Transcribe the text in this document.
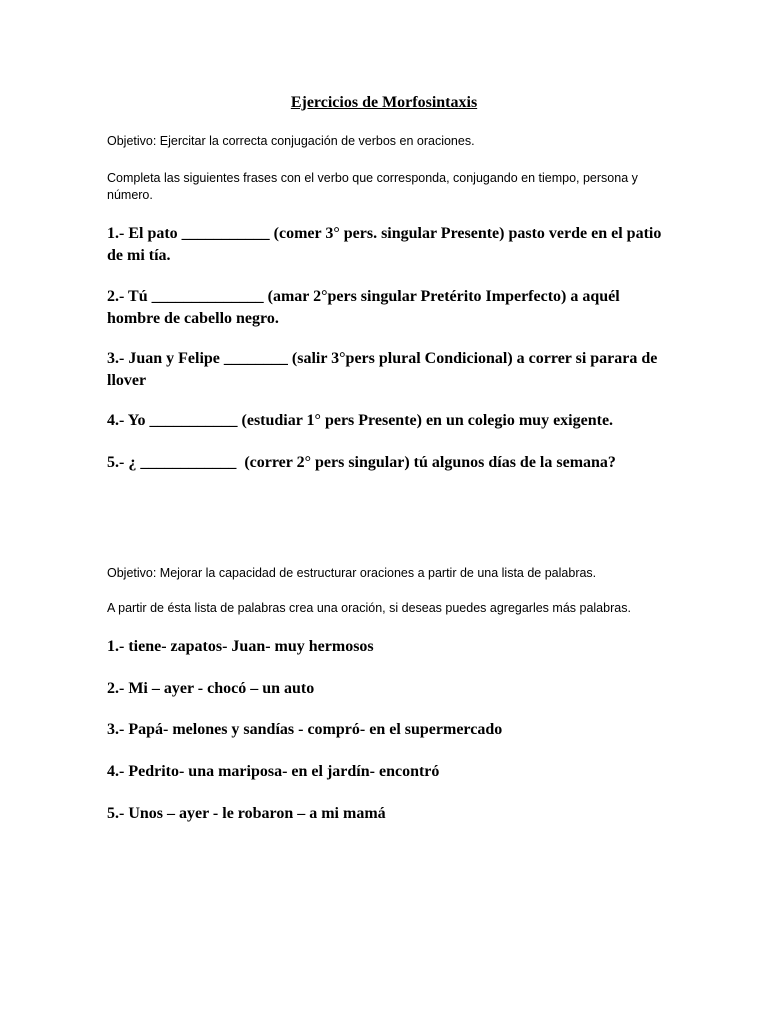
Ejercicios de Morfosintaxis
Objetivo: Ejercitar la correcta conjugación de verbos en oraciones.
Completa las siguientes frases con el verbo que corresponda, conjugando en tiempo, persona y número.
1.- El pato ___________ (comer 3° pers. singular Presente) pasto verde en el patio de mi tía.
2.- Tú ______________ (amar 2°pers singular Pretérito Imperfecto) a aquél hombre de cabello negro.
3.- Juan y Felipe ________ (salir 3°pers plural Condicional) a correr si parara de llover
4.- Yo ___________ (estudiar 1° pers Presente) en un colegio muy exigente.
5.- ¿ ____________  (correr 2° pers singular) tú algunos días de la semana?
Objetivo: Mejorar la capacidad de estructurar oraciones a partir de una lista de palabras.
A partir de ésta lista de palabras crea una oración, si deseas puedes agregarles más palabras.
1.- tiene- zapatos- Juan- muy hermosos
2.- Mi – ayer - chocó – un auto
3.- Papá- melones y sandías - compró- en el supermercado
4.- Pedrito- una mariposa- en el jardín- encontró
5.- Unos – ayer - le robaron – a mi mamá
